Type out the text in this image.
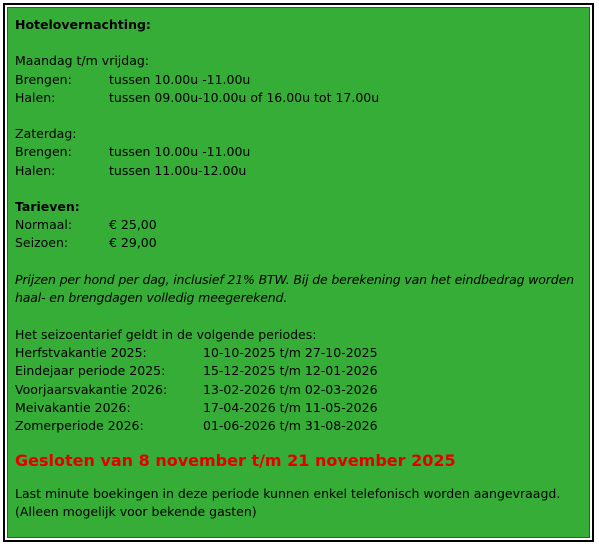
Hotelovernachting:
Maandag t/m vrijdag:
Brengen:	tussen 10.00u -11.00u
Halen:	tussen 09.00u-10.00u of 16.00u tot 17.00u
Zaterdag:
Brengen:	tussen 10.00u -11.00u
Halen:	tussen 11.00u-12.00u
Tarieven:
Normaal:	€ 25,00
Seizoen:	€ 29,00
Prijzen per hond per dag, inclusief 21% BTW. Bij de berekening van het eindbedrag worden haal- en brengdagen volledig meegerekend.
Het seizoentarief geldt in de volgende periodes:
Herfstvakantie 2025:	10-10-2025 t/m 27-10-2025
Eindejaar periode 2025:	15-12-2025 t/m 12-01-2026
Voorjaarsvakantie 2026:	13-02-2026 t/m 02-03-2026
Meivakantie 2026:	17-04-2026 t/m 11-05-2026
Zomerperiode 2026:	01-06-2026 t/m 31-08-2026
Gesloten van 8 november t/m 21 november 2025
Last minute boekingen in deze periode kunnen enkel telefonisch worden aangevraagd.
(Alleen mogelijk voor bekende gasten)
